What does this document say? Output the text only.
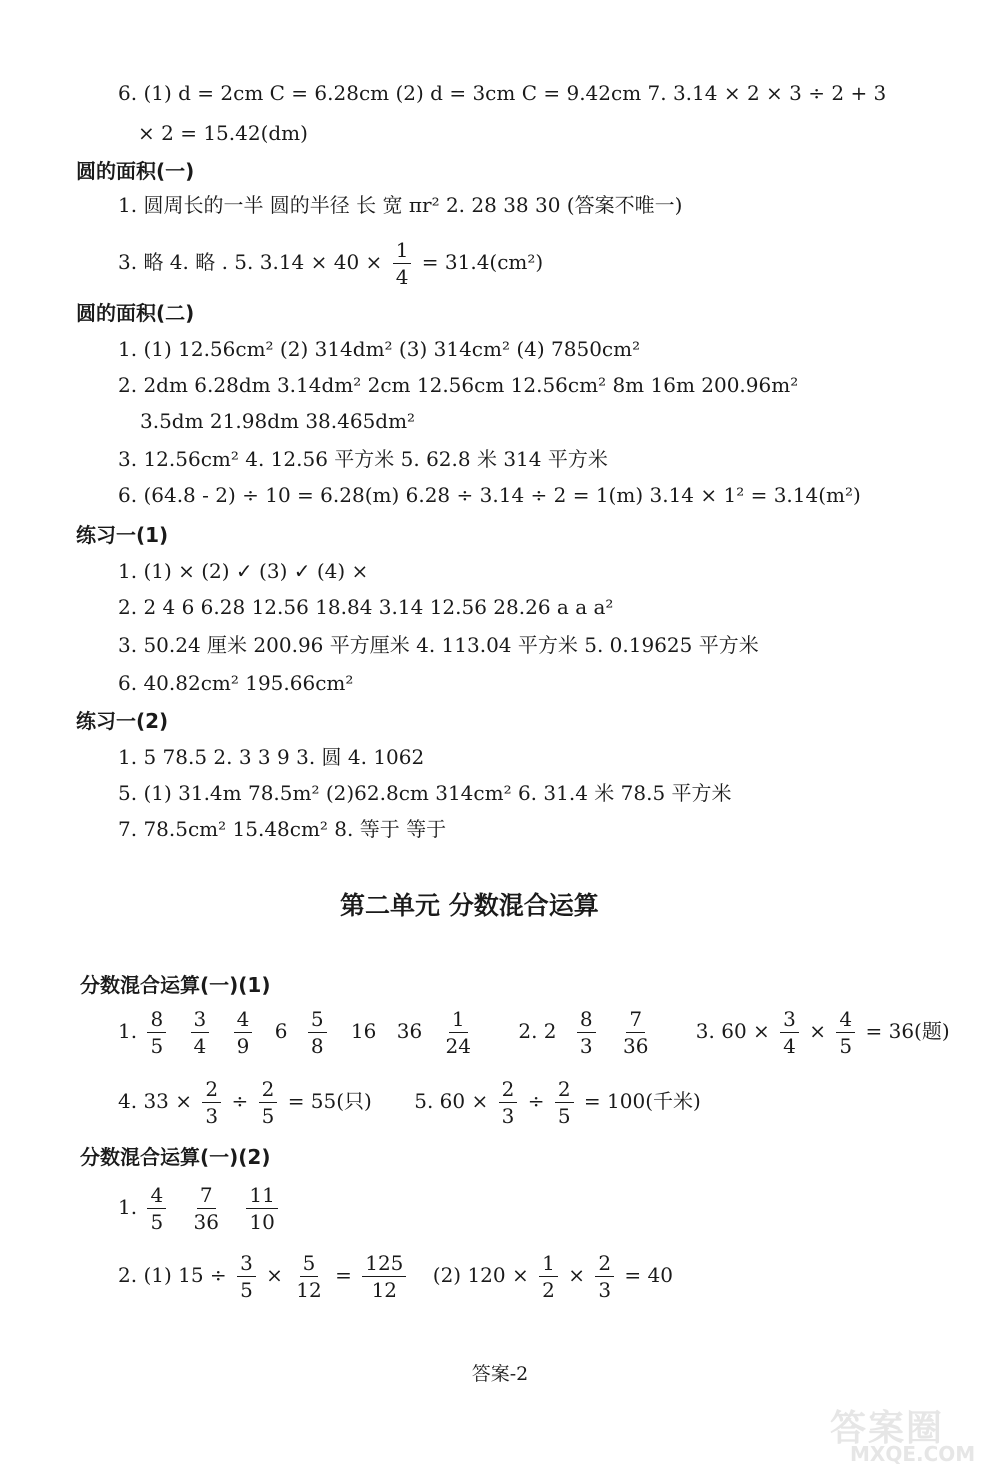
6. (1) d = 2cm C = 6.28cm (2) d = 3cm C = 9.42cm 7. 3.14 × 2 × 3 ÷ 2 + 3
× 2 = 15.42(dm)
圆的面积(一)
1. 圆周长的一半 圆的半径 长 宽 πr² 2. 28 38 30 (答案不唯一)
3. 略 4. 略 . 5. $3.14 \times 40 \times \frac{1}{4} = 31.4(cm^2)$
圆的面积(二)
1. (1) 12.56cm² (2) 314dm² (3) 314cm² (4) 7850cm²
2. 2dm 6.28dm 3.14dm² 2cm 12.56cm 12.56cm² 8m 16m 200.96m²
3.5dm 21.98dm 38.465dm²
3. 12.56cm² 4. 12.56 平方米 5. 62.8 米 314 平方米
6. (64.8 - 2) ÷ 10 = 6.28(m) 6.28 ÷ 3.14 ÷ 2 = 1(m) 3.14 × 1² = 3.14(m²)
练习一(1)
1. (1) × (2) ✓ (3) ✓ (4) ×
2. 2 4 6 6.28 12.56 18.84 3.14 12.56 28.26 a a a²
3. 50.24 厘米 200.96 平方厘米 4. 113.04 平方米 5. 0.19625 平方米
6. 40.82cm² 195.66cm²
练习一(2)
1. 5 78.5 2. 3 3 9 3. 圆 4. 1062
5. (1) 31.4m 78.5m² (2)62.8cm 314cm² 6. 31.4 米 78.5 平方米
7. 78.5cm² 15.48cm² 8. 等于 等于
第二单元 分数混合运算
分数混合运算(一)(1)
1. $\frac{8}{5}$
$\frac{3}{4}$
$\frac{4}{9} 6 \frac{5}{8} 16$ $36 \frac{1}{24} 2$. $2 \frac{8}{3}$
$\frac{7}{36} 3$. $60 \times \frac{3}{4} \times \frac{4}{5} = 36$(题)
4. $33 \times \frac{2}{3} \div \frac{2}{5} = 55$(只) 5. $60 \times \frac{2}{3} \div \frac{2}{5} = 100$(千米)
分数混合运算(一)(2)
1. $\frac{4}{5}$
$\frac{7}{36}$
$\frac{11}{10}$
2. (1) $15 \div \frac{3}{5} \times \frac{5}{12} = \frac{125}{12} (2) 120 \times \frac{1}{2} \times \frac{2}{3} = 40$
答案-2
答案圈
MXQE.COM
